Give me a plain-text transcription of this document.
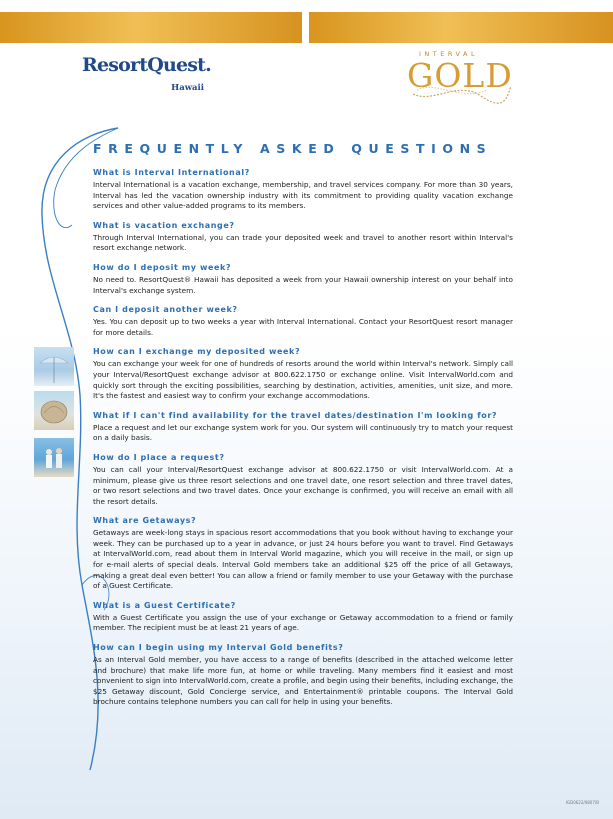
ResortQuest.
Hawaii
INTERVAL
GOLD
FREQUENTLY ASKED QUESTIONS

What is Interval International?

Interval International is a vacation exchange, membership, and travel services company. For more than 30 years, Interval has led the vacation ownership industry with its commitment to providing quality vacation exchange services and other value-added programs to its members.

What is vacation exchange?

Through Interval International, you can trade your deposited week and travel to another resort within Interval's resort exchange network.

How do I deposit my week?

No need to. ResortQuest® Hawaii has deposited a week from your Hawaii ownership interest on your behalf into Interval's exchange system.

Can I deposit another week?

Yes. You can deposit up to two weeks a year with Interval International. Contact your ResortQuest resort manager for more details.

How can I exchange my deposited week?

You can exchange your week for one of hundreds of resorts around the world within Interval's network. Simply call your Interval/ResortQuest exchange advisor at 800.622.1750 or exchange online. Visit IntervalWorld.com and quickly sort through the exciting possibilities, searching by destination, activities, amenities, unit size, and more. It's the fastest and easiest way to confirm your exchange accommodations.

What if I can't find availability for the travel dates/destination I'm looking for?

Place a request and let our exchange system work for you. Our system will continuously try to match your request on a daily basis.

How do I place a request?

You can call your Interval/ResortQuest exchange advisor at 800.622.1750 or visit IntervalWorld.com. At a minimum, please give us three resort selections and one travel date, one resort selection and three travel dates, or two resort selections and two travel dates. Once your exchange is confirmed, you will receive an email with all the resort details.

What are Getaways?

Getaways are week-long stays in spacious resort accommodations that you book without having to exchange your week. They can be purchased up to a year in advance, or just 24 hours before you want to travel. Find Getaways at IntervalWorld.com, read about them in Interval World magazine, which you will receive in the mail, or sign up for e-mail alerts of special deals. Interval Gold members take an additional $25 off the price of all Getaways, making a great deal even better! You can allow a friend or family member to use your Getaway with the purchase of a Guest Certificate.

What is a Guest Certificate?

With a Guest Certificate you assign the use of your exchange or Getaway accommodation to a friend or family member. The recipient must be at least 21 years of age.

How can I begin using my Interval Gold benefits?

As an Interval Gold member, you have access to a range of benefits (described in the attached welcome letter and brochure) that make life more fun, at home or while traveling. Many members find it easiest and most convenient to sign into IntervalWorld.com, create a profile, and begin using their benefits, including exchange, the $25 Getaway discount, Gold Concierge service, and Entertainment® printable coupons. The Interval Gold brochure contains telephone numbers you can call for help in using your benefits.

IGD0622/0807/B
